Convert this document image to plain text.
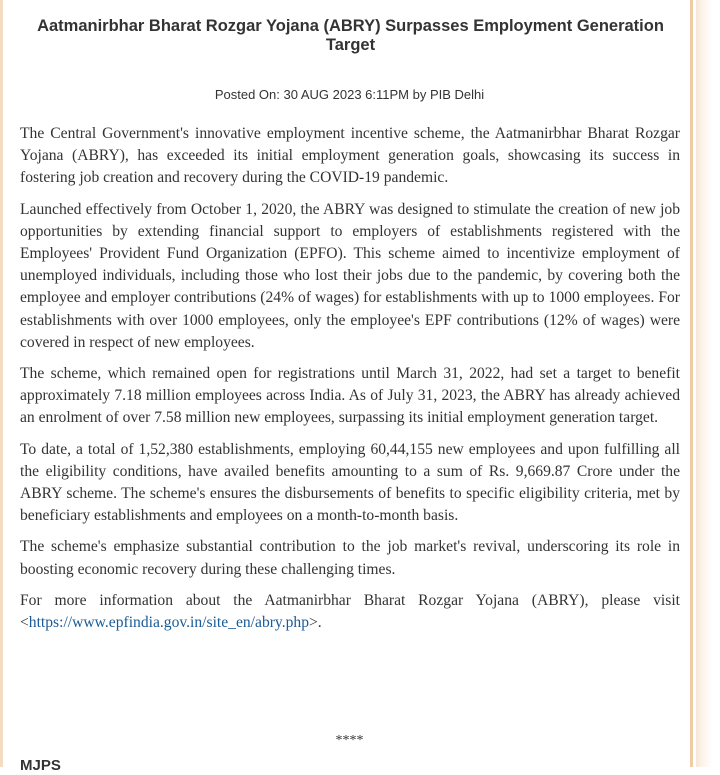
Aatmanirbhar Bharat Rozgar Yojana (ABRY) Surpasses Employment Generation Target
Posted On: 30 AUG 2023 6:11PM by PIB Delhi

The Central Government's innovative employment incentive scheme, the Aatmanirbhar Bharat Rozgar Yojana (ABRY), has exceeded its initial employment generation goals, showcasing its success in fostering job creation and recovery during the COVID-19 pandemic.

Launched effectively from October 1, 2020, the ABRY was designed to stimulate the creation of new job opportunities by extending financial support to employers of establishments registered with the Employees' Provident Fund Organization (EPFO). This scheme aimed to incentivize employment of unemployed individuals, including those who lost their jobs due to the pandemic, by covering both the employee and employer contributions (24% of wages) for establishments with up to 1000 employees. For establishments with over 1000 employees, only the employee's EPF contributions (12% of wages) were covered in respect of new employees.

The scheme, which remained open for registrations until March 31, 2022, had set a target to benefit approximately 7.18 million employees across India. As of July 31, 2023, the ABRY has already achieved an enrolment of over 7.58 million new employees, surpassing its initial employment generation target.

To date, a total of 1,52,380 establishments, employing 60,44,155 new employees and upon fulfilling all the eligibility conditions, have availed benefits amounting to a sum of Rs. 9,669.87 Crore under the ABRY scheme. The scheme's ensures the disbursements of benefits to specific eligibility criteria, met by beneficiary establishments and employees on a month-to-month basis.

The scheme's emphasize substantial contribution to the job market's revival, underscoring its role in boosting economic recovery during these challenging times.

For more information about the Aatmanirbhar Bharat Rozgar Yojana (ABRY), please visit <https://www.epfindia.gov.in/site_en/abry.php>.

****
MJPS
